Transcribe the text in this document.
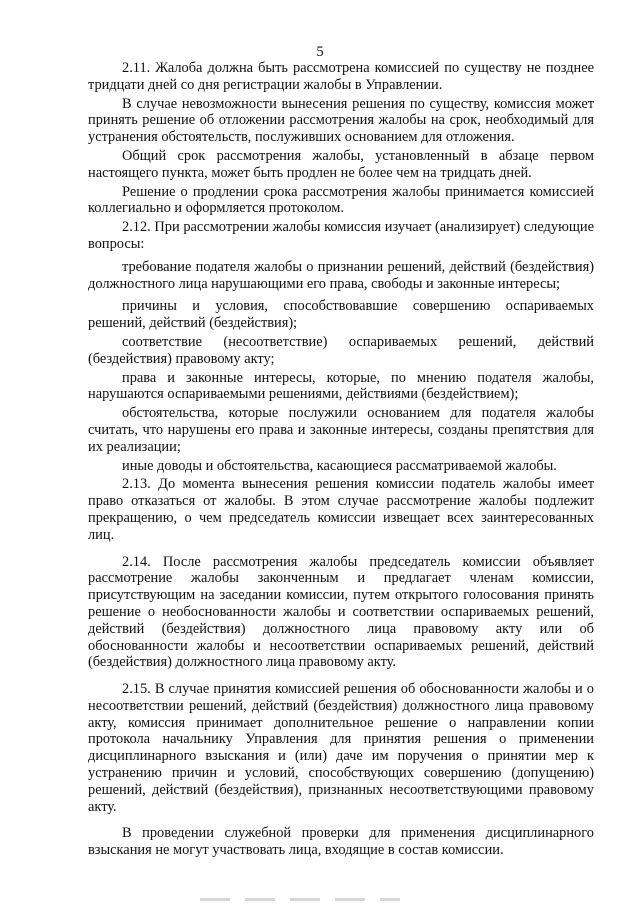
5

2.11. Жалоба должна быть рассмотрена комиссией по существу не позднее тридцати дней со дня регистрации жалобы в Управлении.

В случае невозможности вынесения решения по существу, комиссия может принять решение об отложении рассмотрения жалобы на срок, необходимый для устранения обстоятельств, послуживших основанием для отложения.

Общий срок рассмотрения жалобы, установленный в абзаце первом настоящего пункта, может быть продлен не более чем на тридцать дней.

Решение о продлении срока рассмотрения жалобы принимается комиссией коллегиально и оформляется протоколом.

2.12. При рассмотрении жалобы комиссия изучает (анализирует) следующие вопросы:

требование подателя жалобы о признании решений, действий (бездействия) должностного лица нарушающими его права, свободы и законные интересы;

причины и условия, способствовавшие совершению оспариваемых решений, действий (бездействия);

соответствие (несоответствие) оспариваемых решений, действий (бездействия) правовому акту;

права и законные интересы, которые, по мнению подателя жалобы, нарушаются оспариваемыми решениями, действиями (бездействием);

обстоятельства, которые послужили основанием для подателя жалобы считать, что нарушены его права и законные интересы, созданы препятствия для их реализации;

иные доводы и обстоятельства, касающиеся рассматриваемой жалобы.

2.13. До момента вынесения решения комиссии податель жалобы имеет право отказаться от жалобы. В этом случае рассмотрение жалобы подлежит прекращению, о чем председатель комиссии извещает всех заинтересованных лиц.

2.14. После рассмотрения жалобы председатель комиссии объявляет рассмотрение жалобы законченным и предлагает членам комиссии, присутствующим на заседании комиссии, путем открытого голосования принять решение о необоснованности жалобы и соответствии оспариваемых решений, действий (бездействия) должностного лица правовому акту или об обоснованности жалобы и несоответствии оспариваемых решений, действий (бездействия) должностного лица правовому акту.

2.15. В случае принятия комиссией решения об обоснованности жалобы и о несоответствии решений, действий (бездействия) должностного лица правовому акту, комиссия принимает дополнительное решение о направлении копии протокола начальнику Управления для принятия решения о применении дисциплинарного взыскания и (или) даче им поручения о принятии мер к устранению причин и условий, способствующих совершению (допущению) решений, действий (бездействия), признанных несоответствующими правовому акту.

В проведении служебной проверки для применения дисциплинарного взыскания не могут участвовать лица, входящие в состав комиссии.
